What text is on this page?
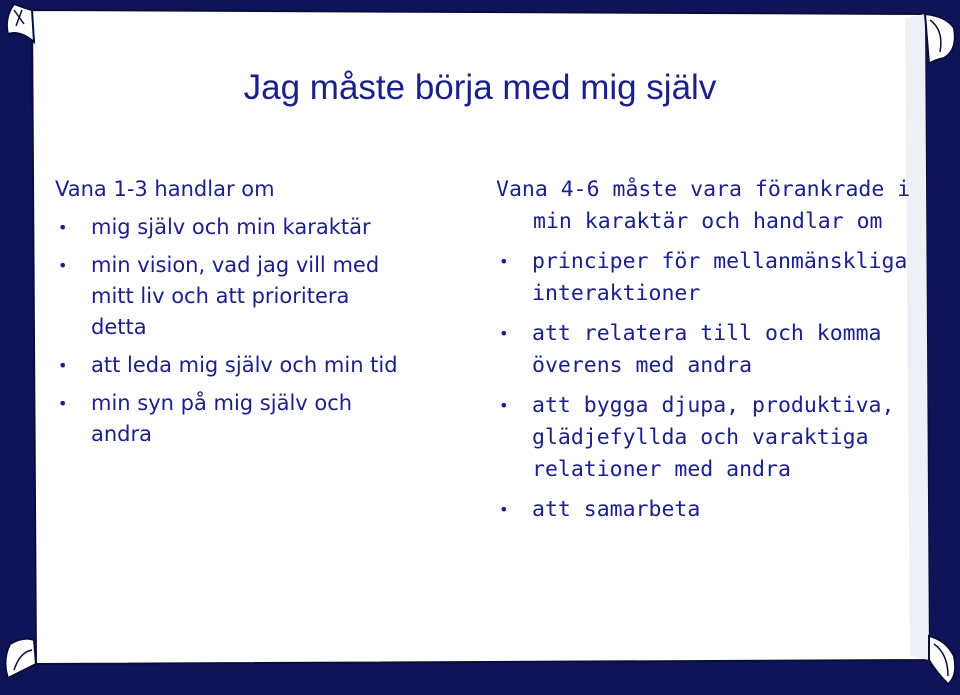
Jag måste börja med mig själv

Vana 1-3 handlar om

• mig själv och min karaktär
• min vision, vad jag vill med mitt liv och att prioritera detta
• att leda mig själv och min tid
• min syn på mig själv och andra

Vana 4-6 måste vara förankrade i min karaktär och handlar om

• principer för mellanmänskliga interaktioner
• att relatera till och komma överens med andra
• att bygga djupa, produktiva, glädjefyllda och varaktiga relationer med andra
• att samarbeta
